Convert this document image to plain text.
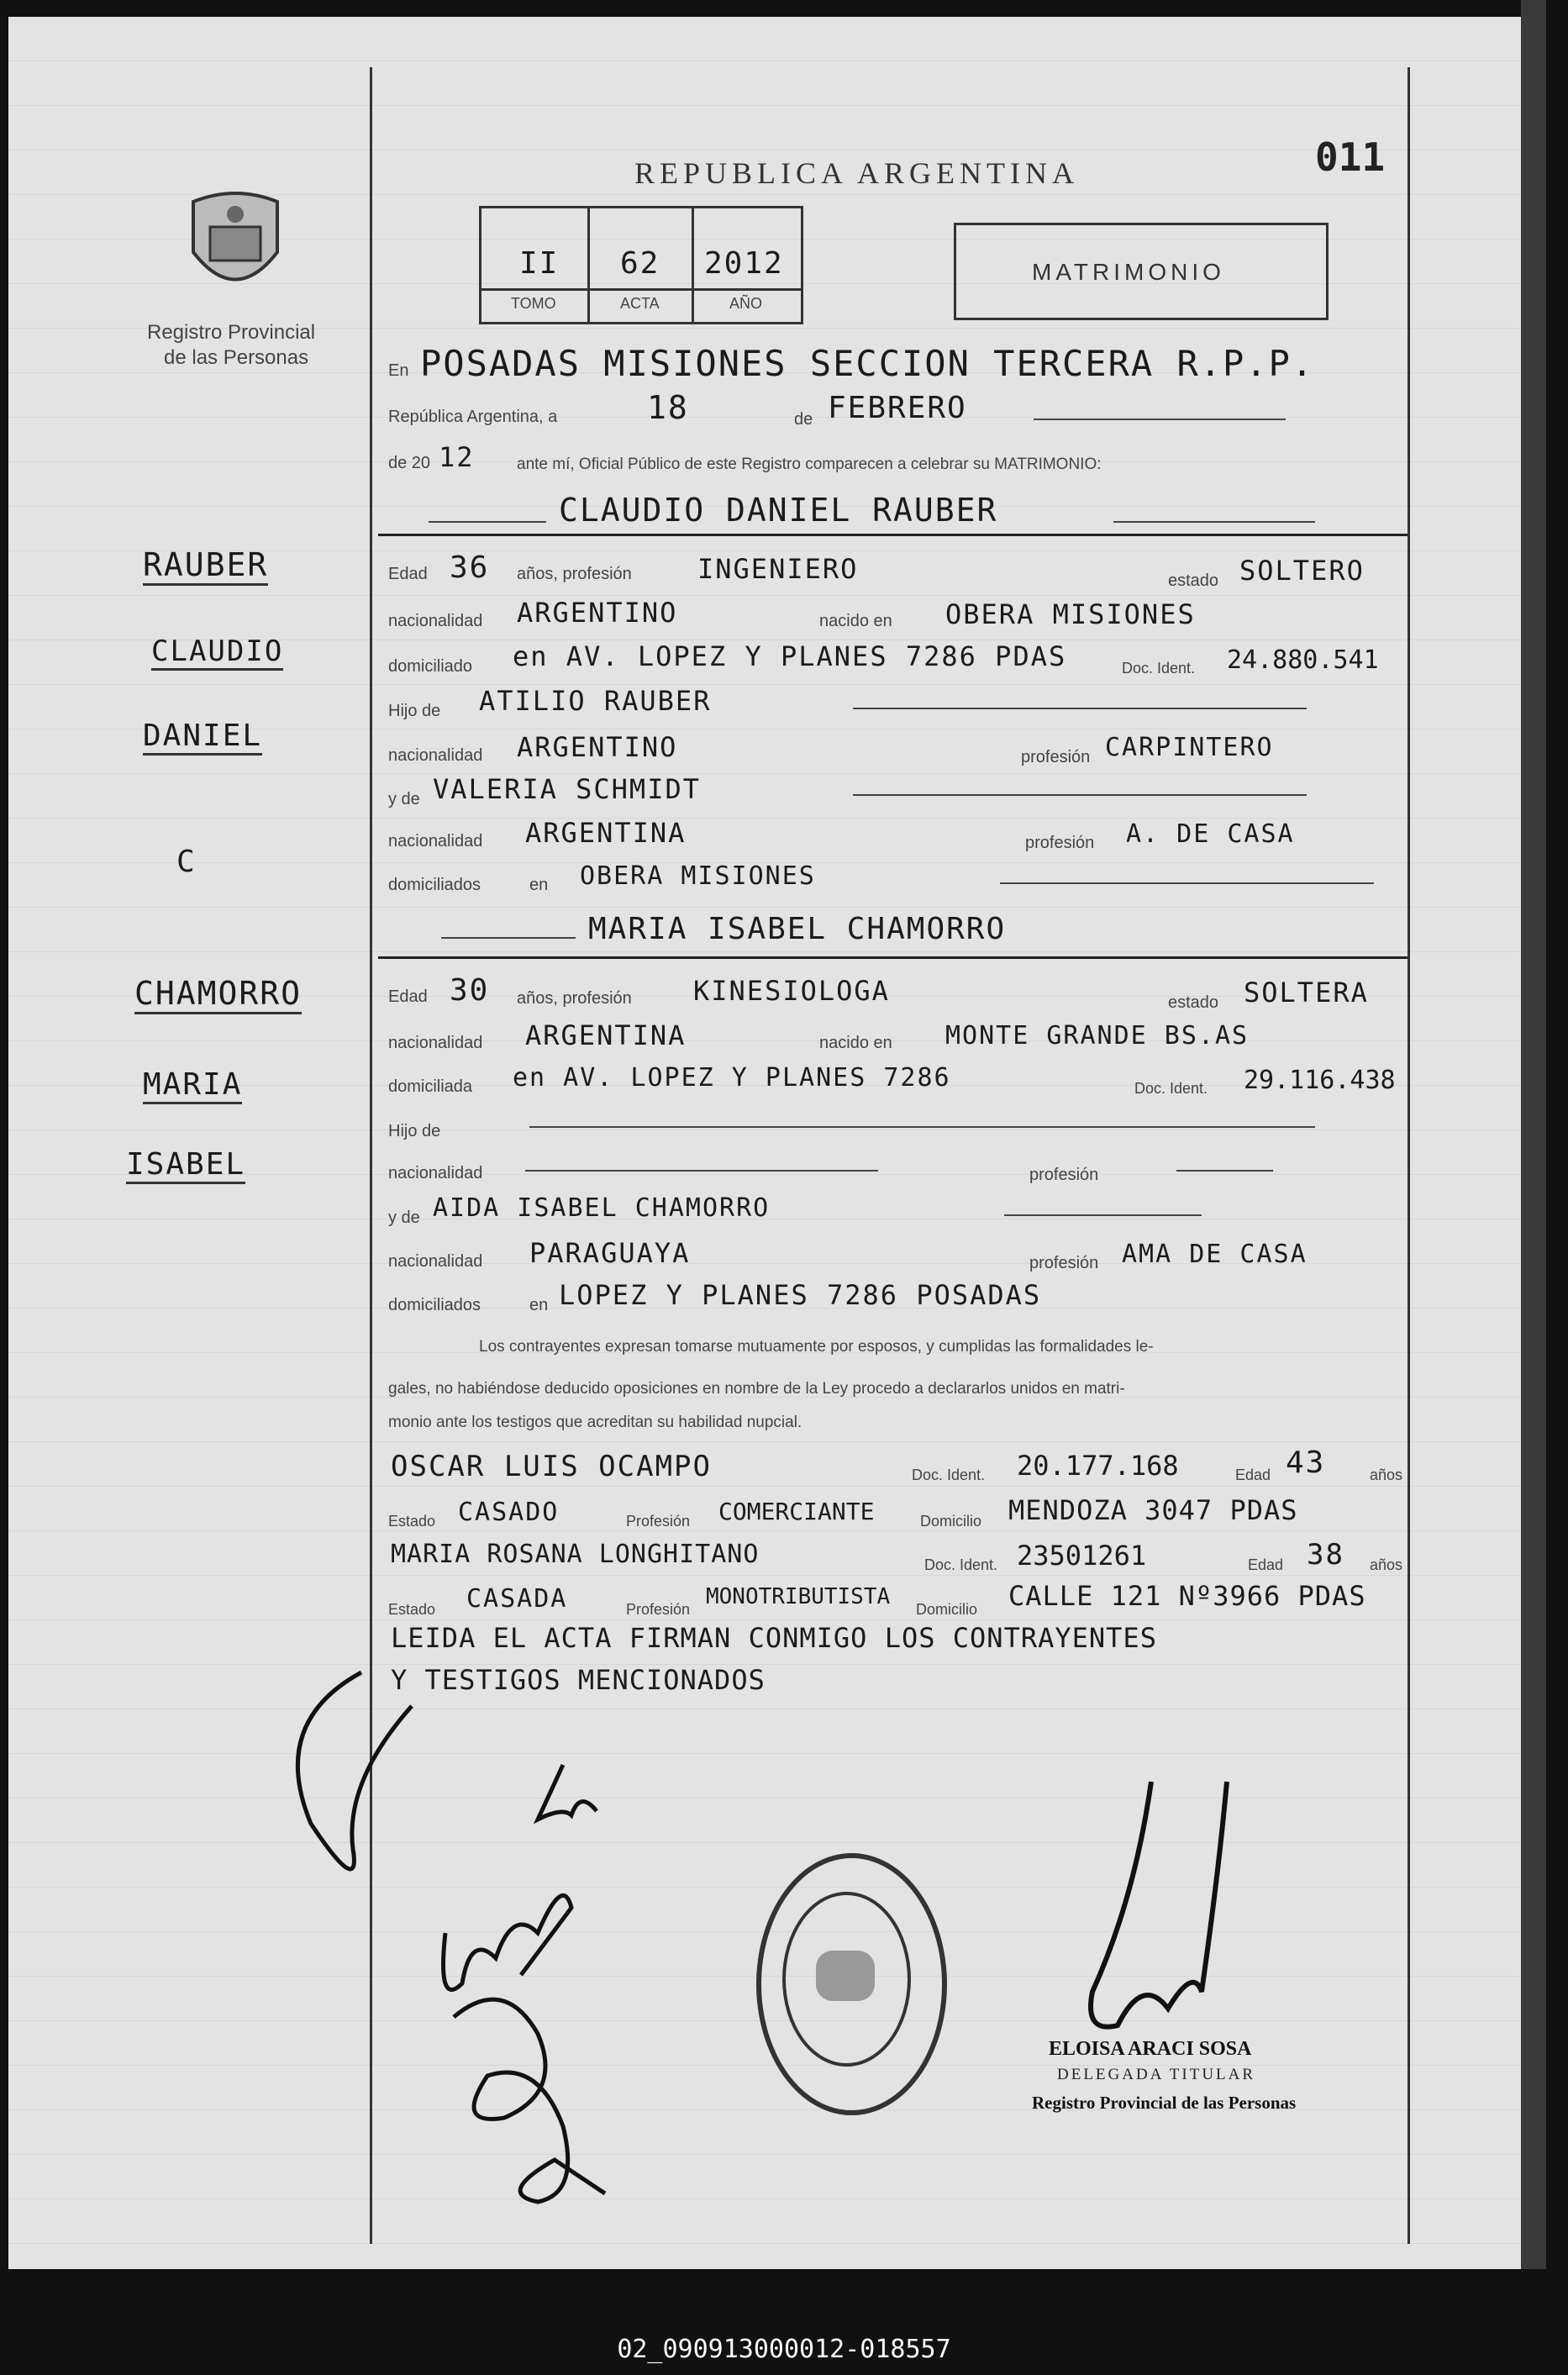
REPUBLICA ARGENTINA	011
Registro Provincial
de las Personas
II 62 2012
TOMO	ACTA	AÑO
MATRIMONIO
En POSADAS MISIONES SECCION TERCERA R.P.P.
República Argentina, a	18	de FEBRERO
de 20 12	ante mí, Oficial Público de este Registro comparecen a celebrar su MATRIMONIO:
RAUBER
CLAUDIO
DANIEL
C
CHAMORRO
MARIA
ISABEL
CLAUDIO DANIEL RAUBER
Edad 36 años, profesión INGENIERO	estado SOLTERO
nacionalidad ARGENTINO	nacido en OBERA MISIONES
domiciliado en AV. LOPEZ Y PLANES 7286 PDAS	Doc. Ident. 24.880.541
Hijo de ATILIO RAUBER
nacionalidad ARGENTINO	profesión CARPINTERO
y de VALERIA SCHMIDT
nacionalidad ARGENTINA	profesión A. DE CASA
domiciliados	en OBERA MISIONES
MARIA ISABEL CHAMORRO
Edad 30 años, profesión KINESIOLOGA	estado SOLTERA
nacionalidad ARGENTINA	nacido en MONTE GRANDE BS.AS
domiciliada en AV. LOPEZ Y PLANES 7286	Doc. Ident. 29.116.438
Hijo de
nacionalidad	profesión
y de AIDA ISABEL CHAMORRO
nacionalidad PARAGUAYA	profesión AMA DE CASA
domiciliados	en LOPEZ Y PLANES 7286 POSADAS
Los contrayentes expresan tomarse mutuamente por esposos, y cumplidas las formalidades le-
gales, no habiéndose deducido oposiciones en nombre de la Ley procedo a declararlos unidos en matri-
monio ante los testigos que acreditan su habilidad nupcial.
OSCAR LUIS OCAMPO	Doc. Ident. 20.177.168	Edad 43	años
Estado CASADO	Profesión COMERCIANTE	Domicilio MENDOZA 3047 PDAS
MARIA ROSANA LONGHITANO	Doc. Ident. 23501261	Edad 38 años
Estado CASADA	Profesión MONOTRIBUTISTA Domicilio CALLE 121 Nº3966 PDAS
LEIDA EL ACTA FIRMAN CONMIGO LOS CONTRAYENTES
Y TESTIGOS MENCIONADOS
ELOISA ARACI SOSA
DELEGADA TITULAR
Registro Provincial de las Personas
02_090913000012-018557
